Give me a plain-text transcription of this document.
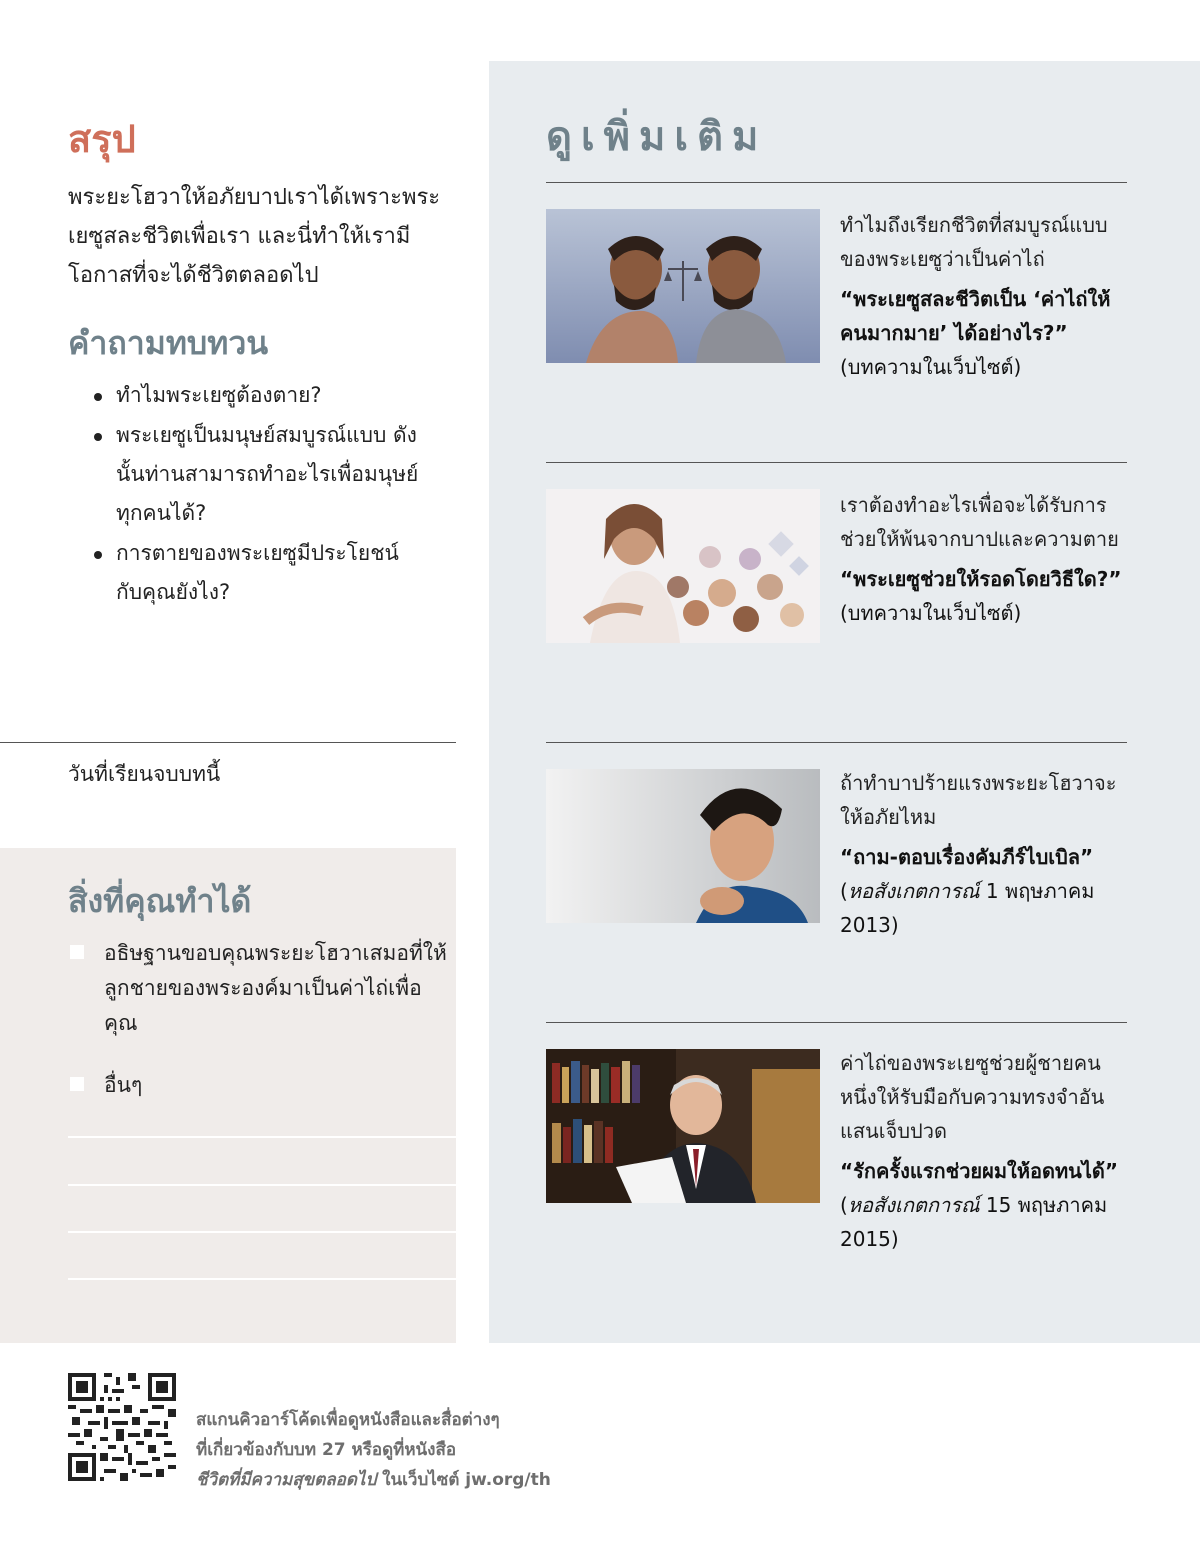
สรุป
พระยะโฮวาให้อภัยบาปเราได้เพราะพระเยซูสละชีวิตเพื่อเรา และนี่ทำให้เรามีโอกาสที่จะได้ชีวิตตลอดไป
คำถามทบทวน
ทำไมพระเยซูต้องตาย?
พระเยซูเป็นมนุษย์สมบูรณ์แบบ ดังนั้นท่านสามารถทำอะไรเพื่อมนุษย์ทุกคนได้?
การตายของพระเยซูมีประโยชน์กับคุณยังไง?
วันที่เรียนจบบทนี้
สิ่งที่คุณทำได้
อธิษฐานขอบคุณพระยะโฮวาเสมอที่ให้ลูกชายของพระองค์มาเป็นค่าไถ่เพื่อคุณ
อื่นๆ
ดูเพิ่มเติม
ทำไมถึงเรียกชีวิตที่สมบูรณ์แบบของพระเยซูว่าเป็นค่าไถ่
“พระเยซูสละชีวิตเป็น ‘ค่าไถ่ให้คนมากมาย’ ได้อย่างไร?”
(บทความในเว็บไซต์)
เราต้องทำอะไรเพื่อจะได้รับการช่วยให้พ้นจากบาปและความตาย
“พระเยซูช่วยให้รอดโดยวิธีใด?”
(บทความในเว็บไซต์)
ถ้าทำบาปร้ายแรงพระยะโฮวาจะให้อภัยไหม
“ถาม-ตอบเรื่องคัมภีร์ไบเบิล”
(หอสังเกตการณ์ 1 พฤษภาคม 2013)
ค่าไถ่ของพระเยซูช่วยผู้ชายคนหนึ่งให้รับมือกับความทรงจำอันแสนเจ็บปวด
“รักครั้งแรกช่วยผมให้อดทนได้”
(หอสังเกตการณ์ 15 พฤษภาคม 2015)
สแกนคิวอาร์โค้ดเพื่อดูหนังสือและสื่อต่างๆ
ที่เกี่ยวข้องกับบท 27 หรือดูที่หนังสือ
ชีวิตที่มีความสุขตลอดไป ในเว็บไซต์ jw.org/th
